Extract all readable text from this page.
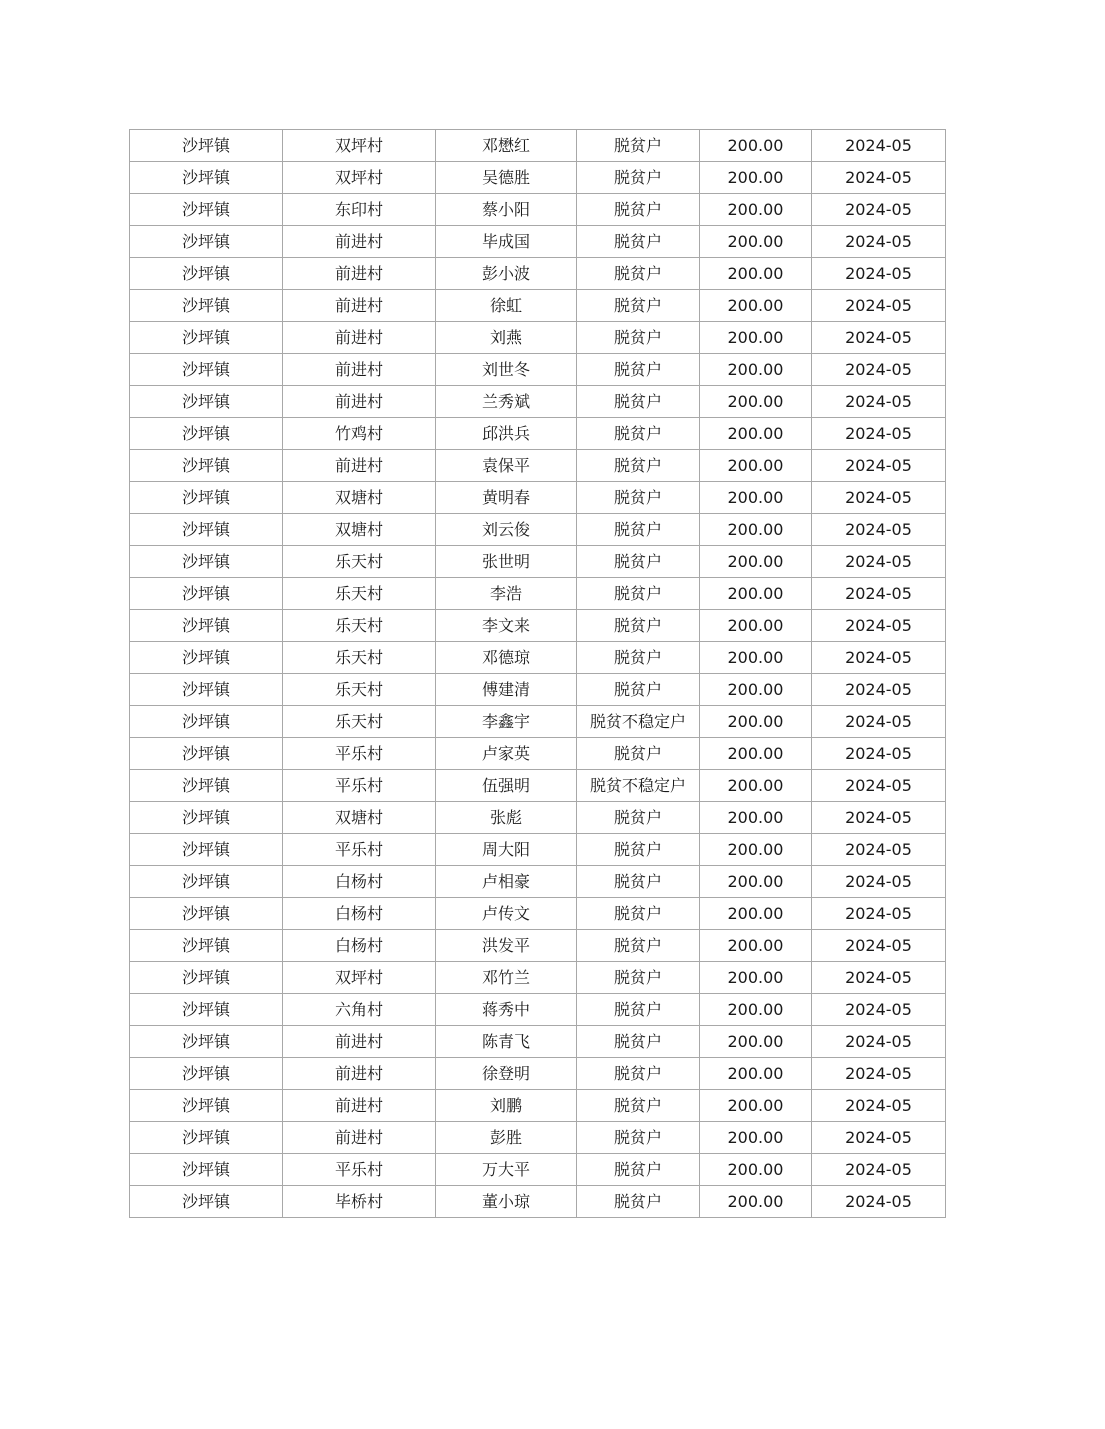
沙坪镇	双坪村	邓懋红	脱贫户	200.00	2024-05
沙坪镇	双坪村	吴德胜	脱贫户	200.00	2024-05
沙坪镇	东印村	蔡小阳	脱贫户	200.00	2024-05
沙坪镇	前进村	毕成国	脱贫户	200.00	2024-05
沙坪镇	前进村	彭小波	脱贫户	200.00	2024-05
沙坪镇	前进村	徐虹	脱贫户	200.00	2024-05
沙坪镇	前进村	刘燕	脱贫户	200.00	2024-05
沙坪镇	前进村	刘世冬	脱贫户	200.00	2024-05
沙坪镇	前进村	兰秀斌	脱贫户	200.00	2024-05
沙坪镇	竹鸡村	邱洪兵	脱贫户	200.00	2024-05
沙坪镇	前进村	袁保平	脱贫户	200.00	2024-05
沙坪镇	双塘村	黄明春	脱贫户	200.00	2024-05
沙坪镇	双塘村	刘云俊	脱贫户	200.00	2024-05
沙坪镇	乐天村	张世明	脱贫户	200.00	2024-05
沙坪镇	乐天村	李浩	脱贫户	200.00	2024-05
沙坪镇	乐天村	李文来	脱贫户	200.00	2024-05
沙坪镇	乐天村	邓德琼	脱贫户	200.00	2024-05
沙坪镇	乐天村	傅建清	脱贫户	200.00	2024-05
沙坪镇	乐天村	李鑫宇	脱贫不稳定户	200.00	2024-05
沙坪镇	平乐村	卢家英	脱贫户	200.00	2024-05
沙坪镇	平乐村	伍强明	脱贫不稳定户	200.00	2024-05
沙坪镇	双塘村	张彪	脱贫户	200.00	2024-05
沙坪镇	平乐村	周大阳	脱贫户	200.00	2024-05
沙坪镇	白杨村	卢相豪	脱贫户	200.00	2024-05
沙坪镇	白杨村	卢传文	脱贫户	200.00	2024-05
沙坪镇	白杨村	洪发平	脱贫户	200.00	2024-05
沙坪镇	双坪村	邓竹兰	脱贫户	200.00	2024-05
沙坪镇	六角村	蒋秀中	脱贫户	200.00	2024-05
沙坪镇	前进村	陈青飞	脱贫户	200.00	2024-05
沙坪镇	前进村	徐登明	脱贫户	200.00	2024-05
沙坪镇	前进村	刘鹏	脱贫户	200.00	2024-05
沙坪镇	前进村	彭胜	脱贫户	200.00	2024-05
沙坪镇	平乐村	万大平	脱贫户	200.00	2024-05
沙坪镇	毕桥村	董小琼	脱贫户	200.00	2024-05
